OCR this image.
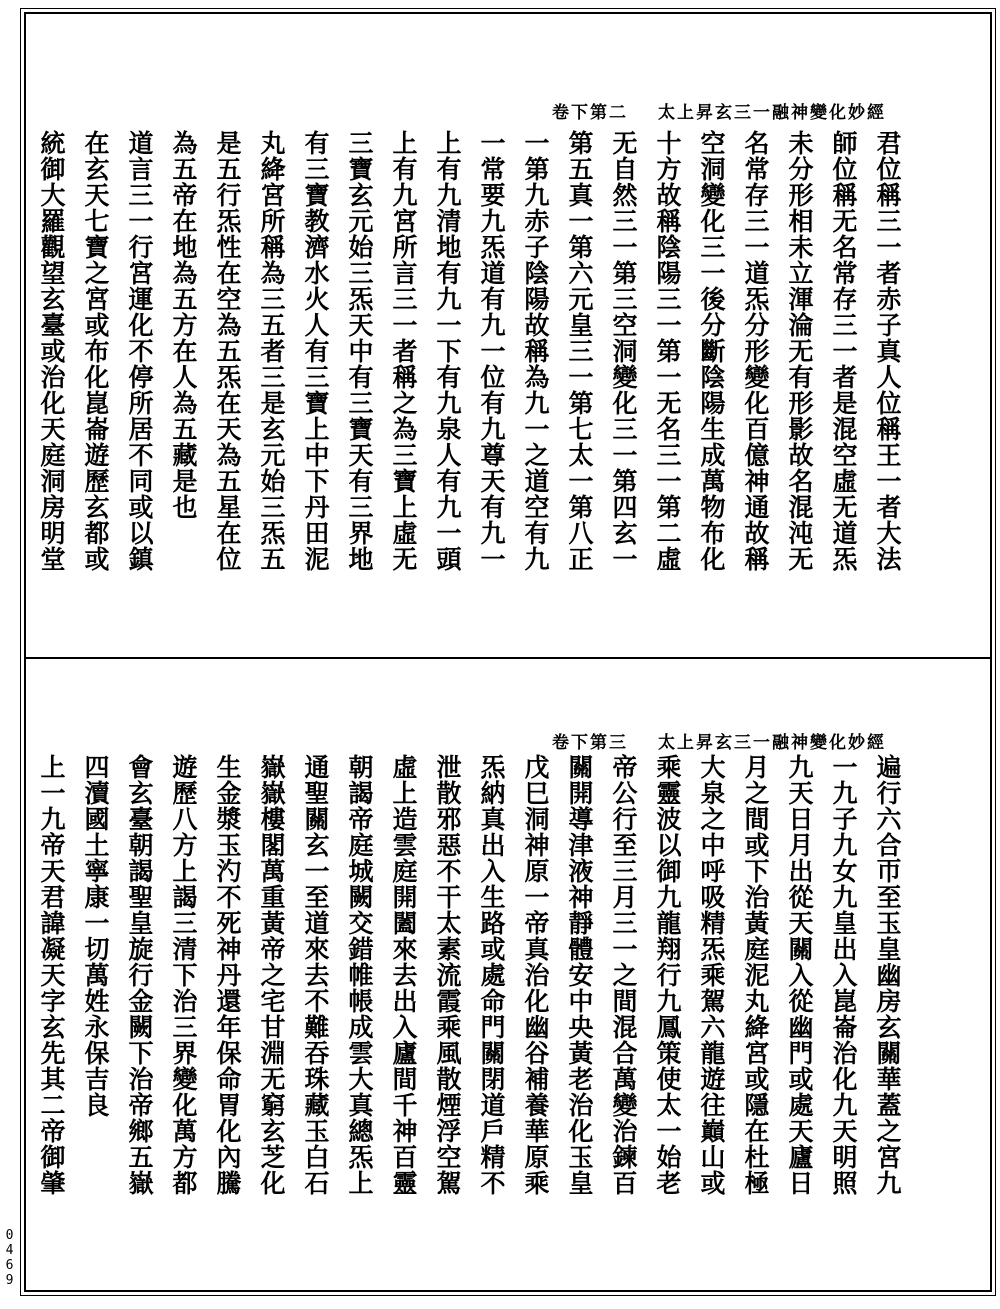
卷下第二 太上昇玄三一融神變化妙經
君位稱三一者赤子真人位稱王一者大法
師位稱无名常存三一者是混空虛无道炁
未分形相未立渾淪无有形影故名混沌无
名常存三一道炁分形變化百億神通故稱
空洞變化三一後分斷陰陽生成萬物布化
十方故稱陰陽三一第一无名三一第二虛
无自然三一第三空洞變化三一第四玄一
第五真一第六元皇三一第七太一第八正
一第九赤子陰陽故稱為九一之道空有九
一常要九炁道有九一位有九尊天有九一
上有九清地有九一下有九泉人有九一頭
上有九宮所言三一者稱之為三寶上虛无
三寶玄元始三炁天中有三寶天有三界地
有三寶教濟水火人有三寶上中下丹田泥
丸絳宮所稱為三五者三是玄元始三炁五
是五行炁性在空為五炁在天為五星在位
為五帝在地為五方在人為五藏是也
道言三一行宮運化不停所居不同或以鎮
在玄天七寶之宮或布化崑崙遊歷玄都或
統御大羅觀望玄臺或治化天庭洞房明堂
卷下第三 太上昇玄三一融神變化妙經
遍行六合帀至玉皇幽房玄關華蓋之宮九
一九子九女九皇出入崑崙治化九天明照
九天日月出從天關入從幽門或處天廬日
月之間或下治黃庭泥丸絳宮或隱在杜極
大泉之中呼吸精炁乘駕六龍遊往巔山或
乘靈波以御九龍翔行九鳳策使太一始老
帝公行至三月三一之間混合萬變治鍊百
關開導津液神靜體安中央黃老治化玉皇
戊巳洞神原一帝真治化幽谷補養華原乘
炁納真出入生路或處命門關閉道戶精不
泄散邪惡不干太素流霞乘風散煙浮空駕
虛上造雲庭開闔來去出入廬間千神百靈
朝謁帝庭城闕交錯帷帳成雲大真總炁上
通聖關玄一至道來去不難吞珠藏玉白石
嶽嶽樓閣萬重黃帝之宅甘淵无窮玄芝化
生金漿玉汋不死神丹還年保命胃化內騰
遊歷八方上謁三清下治三界變化萬方都
會玄臺朝謁聖皇旋行金闕下治帝鄉五嶽
四瀆國土寧康一切萬姓永保吉良
上一九帝天君諱凝天字玄先其二帝御肇
0469
